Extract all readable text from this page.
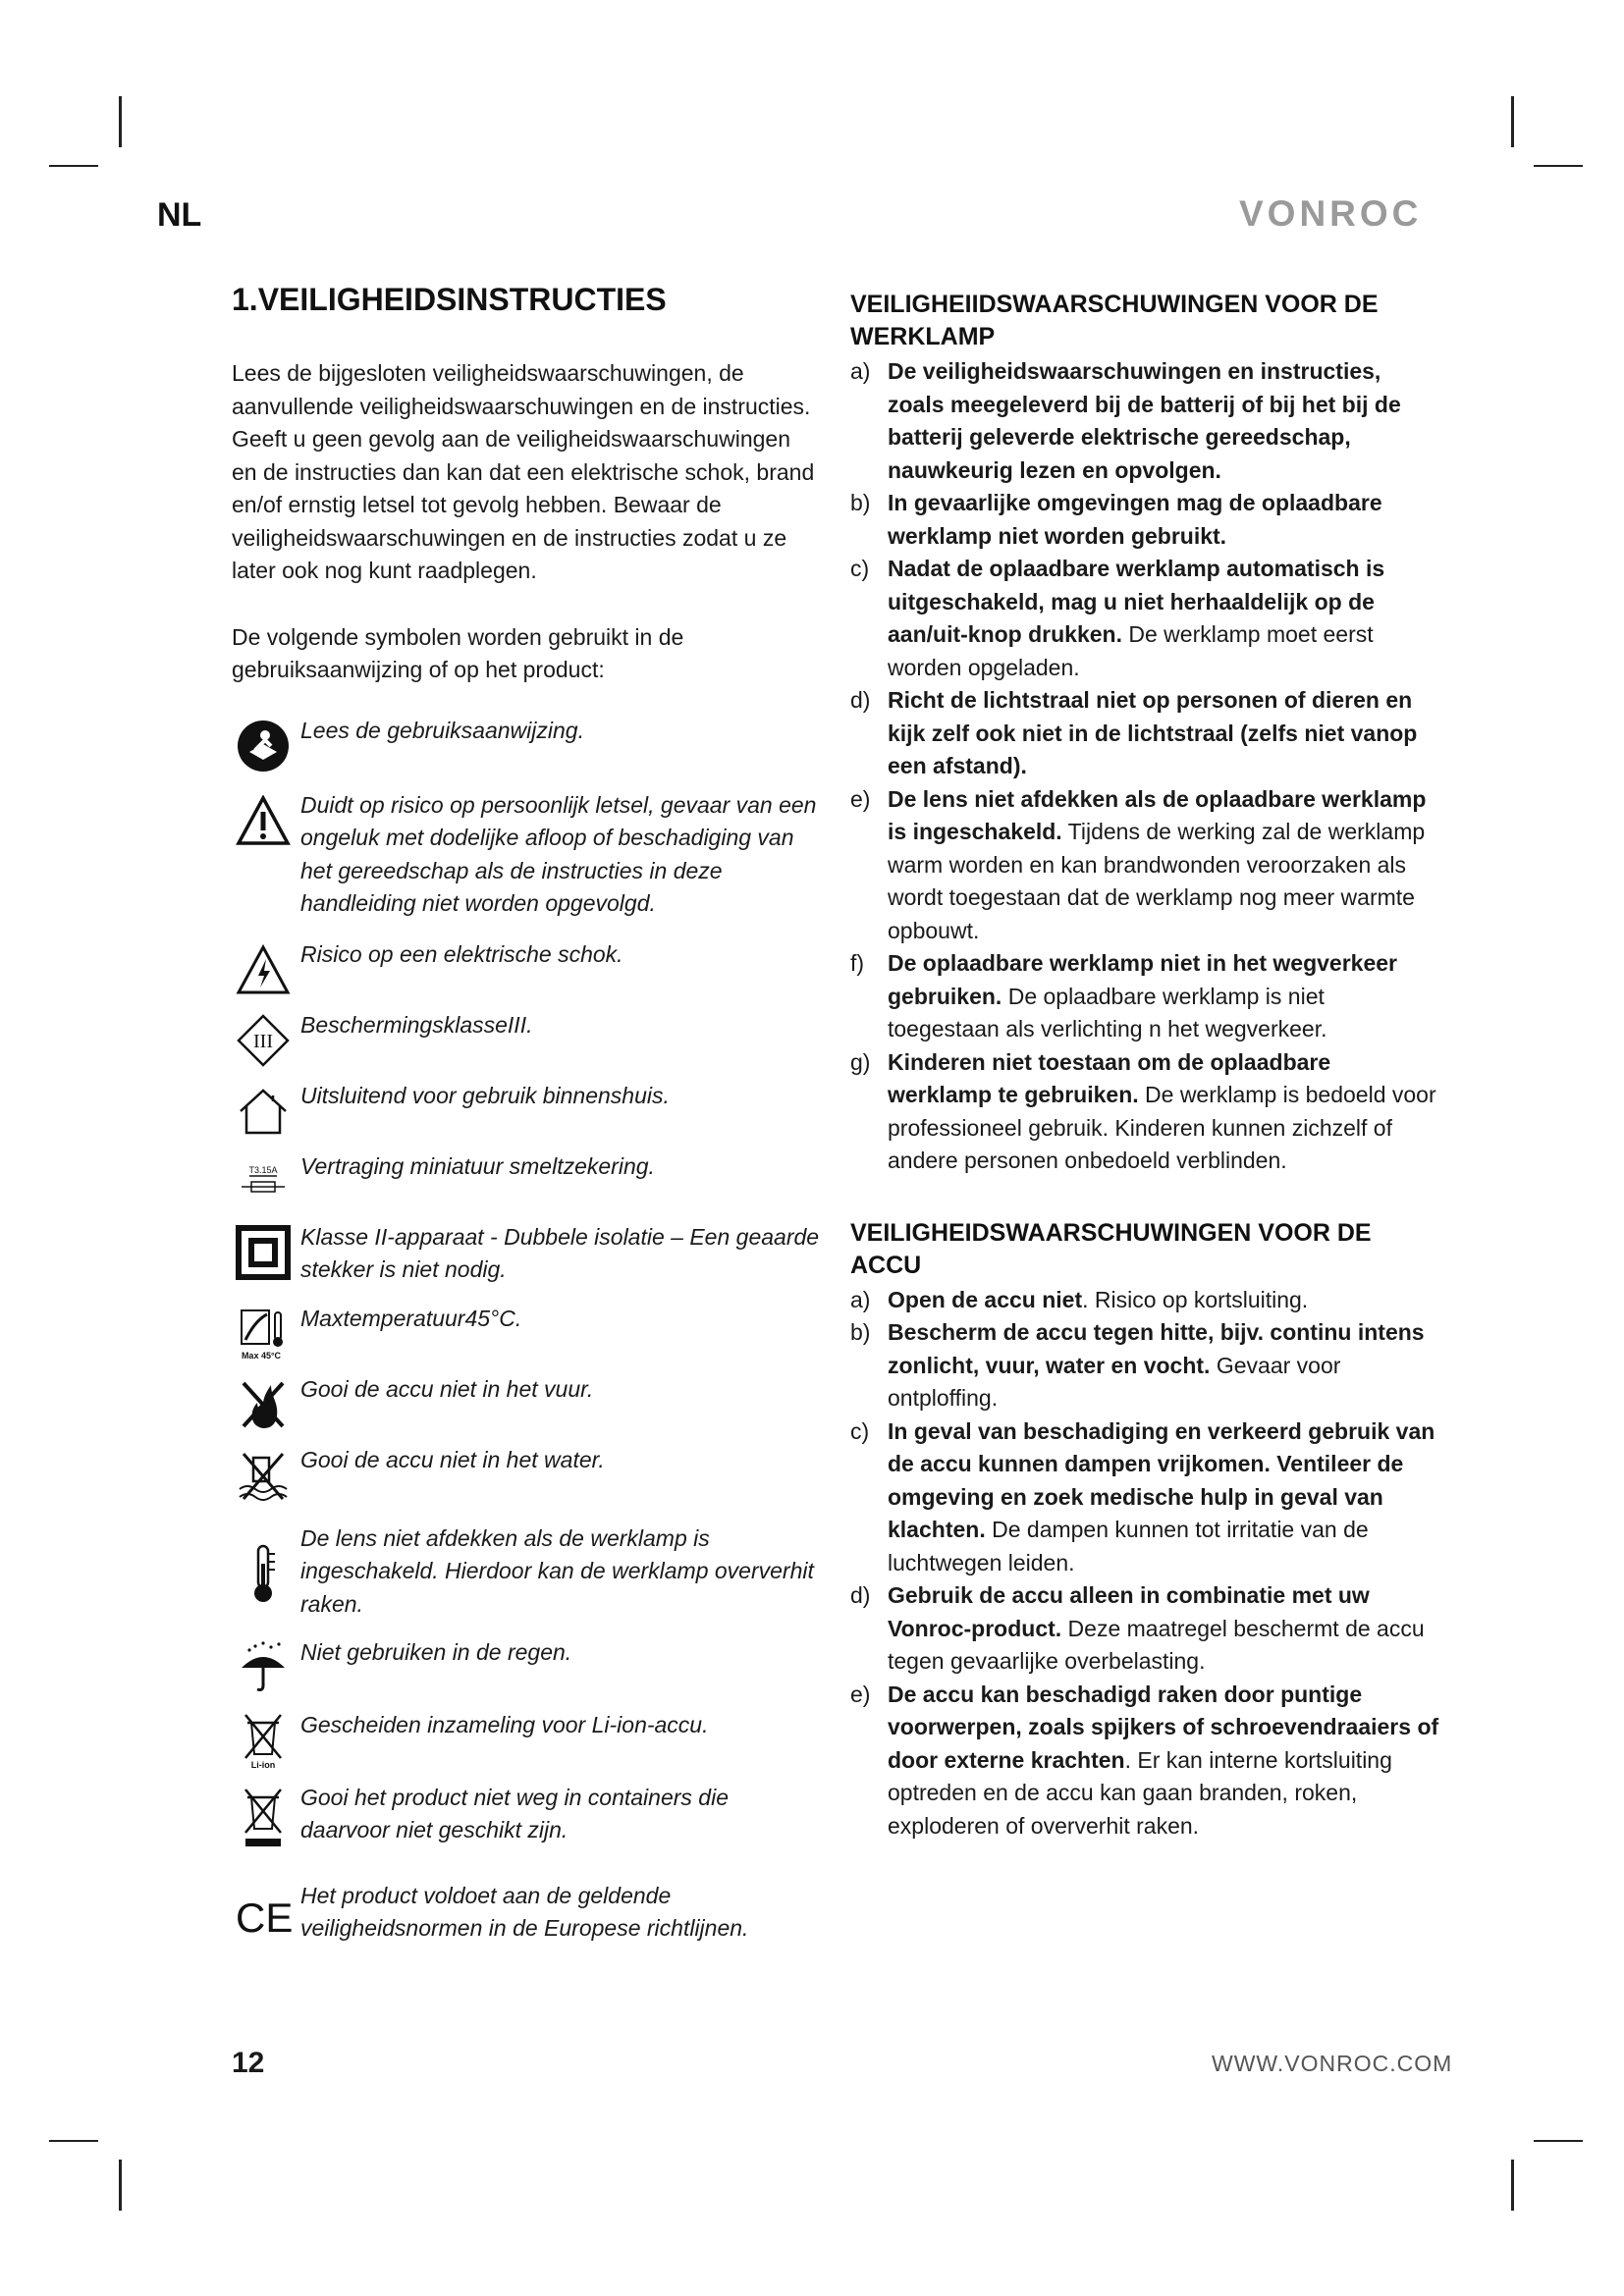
NL	VONROC
1.VEILIGHEIDSINSTRUCTIES

Lees de bijgesloten veiligheidswaarschuwingen, de aanvullende veiligheidswaarschuwingen en de instructies. Geeft u geen gevolg aan de veiligheidswaarschuwingen en de instructies dan kan dat een elektrische schok, brand en/of ernstig letsel tot gevolg hebben. Bewaar de veiligheidswaarschuwingen en de instructies zodat u ze later ook nog kunt raadplegen.

De volgende symbolen worden gebruikt in de gebruiksaanwijzing of op het product:

Lees de gebruiksaanwijzing.
Duidt op risico op persoonlijk letsel, gevaar van een ongeluk met dodelijke afloop of beschadiging van het gereedschap als de instructies in deze handleiding niet worden opgevolgd.
Risico op een elektrische schok.
III
BeschermingsklasseIII.
Uitsluitend voor gebruik binnenshuis.
T3.15A Vertraging miniatuur smeltzekering.
Klasse II-apparaat - Dubbele isolatie – Een geaarde stekker is niet nodig.
Max 45°C
Maxtemperatuur45°C.
Gooi de accu niet in het vuur.
Gooi de accu niet in het water.
De lens niet afdekken als de werklamp is ingeschakeld. Hierdoor kan de werklamp oververhit raken.
Niet gebruiken in de regen.
Li-ion
Gescheiden inzameling voor Li-ion-accu.
Gooi het product niet weg in containers die daarvoor niet geschikt zijn.
CE Het product voldoet aan de geldende veiligheidsnormen in de Europese richtlijnen.
VEILIGHEIIDSWAARSCHUWINGEN VOOR DE WERKLAMP
a) De veiligheidswaarschuwingen en instructies, zoals meegeleverd bij de batterij of bij het bij de batterij geleverde elektrische gereedschap, nauwkeurig lezen en opvolgen.
b) In gevaarlijke omgevingen mag de oplaadbare werklamp niet worden gebruikt.
c) Nadat de oplaadbare werklamp automatisch is uitgeschakeld, mag u niet herhaaldelijk op de aan/uit-knop drukken. De werklamp moet eerst worden opgeladen.
d) Richt de lichtstraal niet op personen of dieren en kijk zelf ook niet in de lichtstraal (zelfs niet vanop een afstand).
e) De lens niet afdekken als de oplaadbare werklamp is ingeschakeld. Tijdens de werking zal de werklamp warm worden en kan brandwonden veroorzaken als wordt toegestaan dat de werklamp nog meer warmte opbouwt.
f)	De oplaadbare werklamp niet in het wegverkeer gebruiken. De oplaadbare werklamp is niet toegestaan als verlichting n het wegverkeer.
g) Kinderen niet toestaan om de oplaadbare werklamp te gebruiken. De werklamp is bedoeld voor professioneel gebruik. Kinderen kunnen zichzelf of andere personen onbedoeld verblinden.
VEILIGHEIDSWAARSCHUWINGEN VOOR DE ACCU
a) Open de accu niet. Risico op kortsluiting.
b) Bescherm de accu tegen hitte, bijv. continu intens zonlicht, vuur, water en vocht. Gevaar voor ontploffing.
c) In geval van beschadiging en verkeerd gebruik van de accu kunnen dampen vrijkomen. Ventileer de omgeving en zoek medische hulp in geval van klachten. De dampen kunnen tot irritatie van de luchtwegen leiden.
d) Gebruik de accu alleen in combinatie met uw Vonroc-product. Deze maatregel beschermt de accu tegen gevaarlijke overbelasting.
e) De accu kan beschadigd raken door puntige voorwerpen, zoals spijkers of schroevendraaiers of door externe krachten. Er kan interne kortsluiting optreden en de accu kan gaan branden, roken, exploderen of oververhit raken.
12	WWW.VONROC.COM
